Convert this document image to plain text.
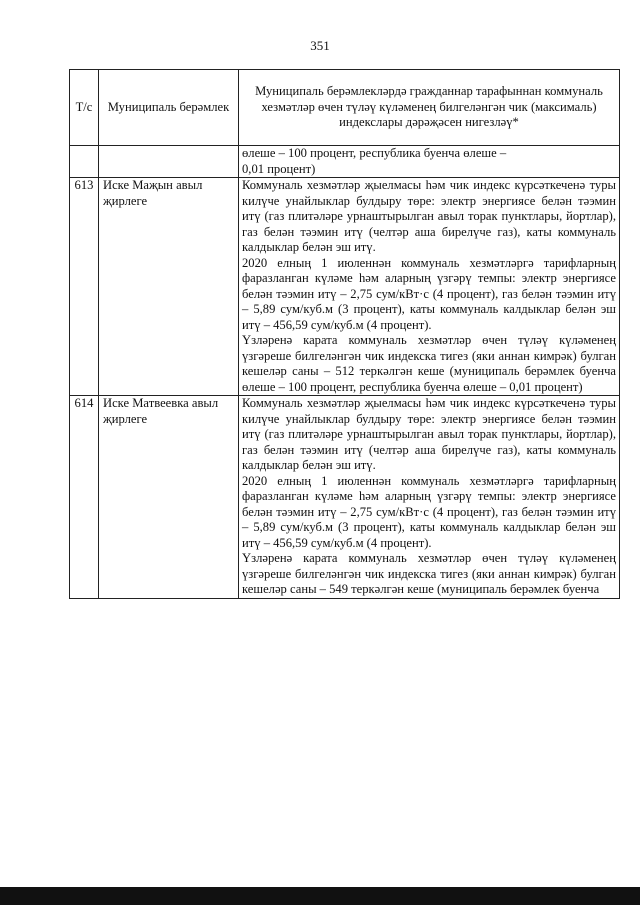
351
Т/с	Муниципаль берәмлек	Муниципаль берәмлекләрдә гражданнар тарафыннан коммуналь хезмәтләр өчен түләү күләменең билгеләнгән чик (максималь) индекслары дәрәҗәсен нигезләү*

		өлеше – 100 процент, республика буенча өлеше –

0,01 процент)

613	Иске Маҗын авыл җирлеге	Коммуналь хезмәтләр җыелмасы һәм чик индекс күрсәткеченә туры килүче унайлыклар булдыру төре: электр энергиясе белән тәэмин итү (газ плитәләре урнаштырылган авыл торак пунктлары, йортлар), газ белән тәэмин итү (челтәр аша бирелүче газ), каты коммуналь калдыклар белән эш итү.

2020 елның 1 июленнән коммуналь хезмәтләргә тарифларның фаразланган күләме һәм аларның үзгәрү темпы: электр энергиясе белән тәэмин итү – 2,75 сум/кВт·с (4 процент), газ белән тәэмин итү – 5,89 сум/куб.м (3 процент), каты коммуналь калдыклар белән эш итү – 456,59 сум/куб.м (4 процент).

Үзләренә карата коммуналь хезмәтләр өчен түләү күләменең үзгәреше билгеләнгән чик индекска тигез (яки аннан кимрәк) булган кешеләр саны – 512 теркәлгән кеше (муниципаль берәмлек буенча өлеше – 100 процент, республика буенча өлеше – 0,01 процент)

614	Иске Матвеевка авыл җирлеге	Коммуналь хезмәтләр җыелмасы һәм чик индекс күрсәткеченә туры килүче унайлыклар булдыру төре: электр энергиясе белән тәэмин итү (газ плитәләре урнаштырылган авыл торак пунктлары, йортлар), газ белән тәэмин итү (челтәр аша бирелүче газ), каты коммуналь калдыклар белән эш итү.

2020 елның 1 июленнән коммуналь хезмәтләргә тарифларның фаразланган күләме һәм аларның үзгәрү темпы: электр энергиясе белән тәэмин итү – 2,75 сум/кВт·с (4 процент), газ белән тәэмин итү – 5,89 сум/куб.м (3 процент), каты коммуналь калдыклар белән эш итү – 456,59 сум/куб.м (4 процент).

Үзләренә карата коммуналь хезмәтләр өчен түләү күләменең үзгәреше билгеләнгән чик индекска тигез (яки аннан кимрәк) булган кешеләр саны – 549 теркәлгән кеше (муниципаль берәмлек буенча
